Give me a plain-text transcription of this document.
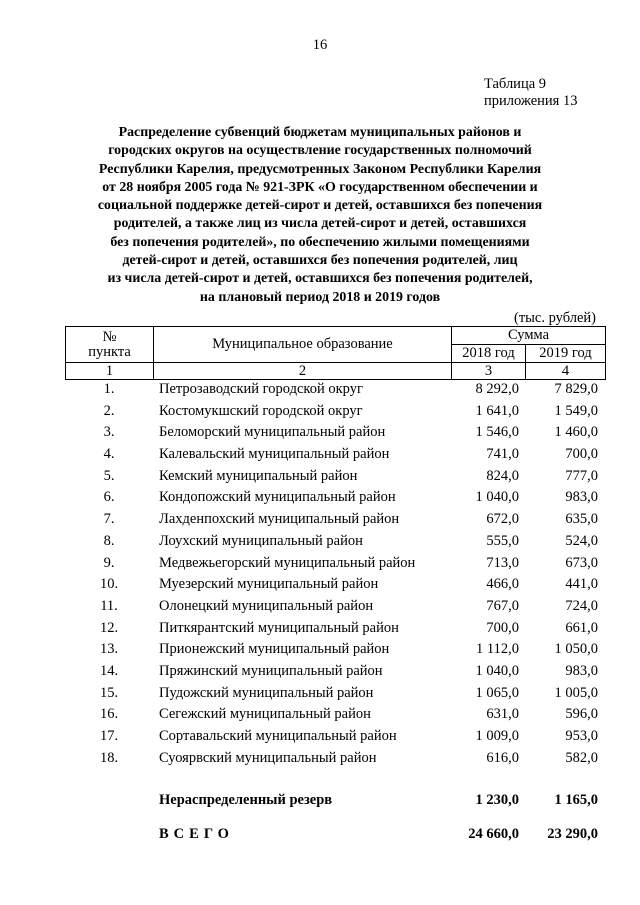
16
Таблица 9
приложения 13
Распределение субвенций бюджетам муниципальных районов и
городских округов на осуществление государственных полномочий
Республики Карелия, предусмотренных Законом Республики Карелия
от 28 ноября 2005 года № 921-ЗРК «О государственном обеспечении и
социальной поддержке детей-сирот и детей, оставшихся без попечения
родителей, а также лиц из числа детей-сирот и детей, оставшихся
без попечения родителей», по обеспечению жилыми помещениями
детей-сирот и детей, оставшихся без попечения родителей, лиц
из числа детей-сирот и детей, оставшихся без попечения родителей,
на плановый период 2018 и 2019 годов
(тыс. рублей)
№
пункта	Муниципальное образование	Сумма	
		2018 год	2019 год
1	2	3	4
1.	Петрозаводский городской округ	8 292,0	7 829,0
2.	Костомукшский городской округ	1 641,0	1 549,0
3.	Беломорский муниципальный район	1 546,0	1 460,0
4.	Калевальский муниципальный район	741,0	700,0
5.	Кемский муниципальный район	824,0	777,0
6.	Кондопожский муниципальный район	1 040,0	983,0
7.	Лахденпохский муниципальный район	672,0	635,0
8.	Лоухский муниципальный район	555,0	524,0
9.	Медвежьегорский муниципальный район	713,0	673,0
10.	Муезерский муниципальный район	466,0	441,0
11.	Олонецкий муниципальный район	767,0	724,0
12.	Питкярантский муниципальный район	700,0	661,0
13.	Прионежский муниципальный район	1 112,0	1 050,0
14.	Пряжинский муниципальный район	1 040,0	983,0
15.	Пудожский муниципальный район	1 065,0	1 005,0
16.	Сегежский муниципальный район	631,0	596,0
17.	Сортавальский муниципальный район	1 009,0	953,0
18.	Суоярвский муниципальный район	616,0	582,0
Нераспределенный резерв	1 230,0	1 165,0
ВСЕГО	24 660,0	23 290,0
